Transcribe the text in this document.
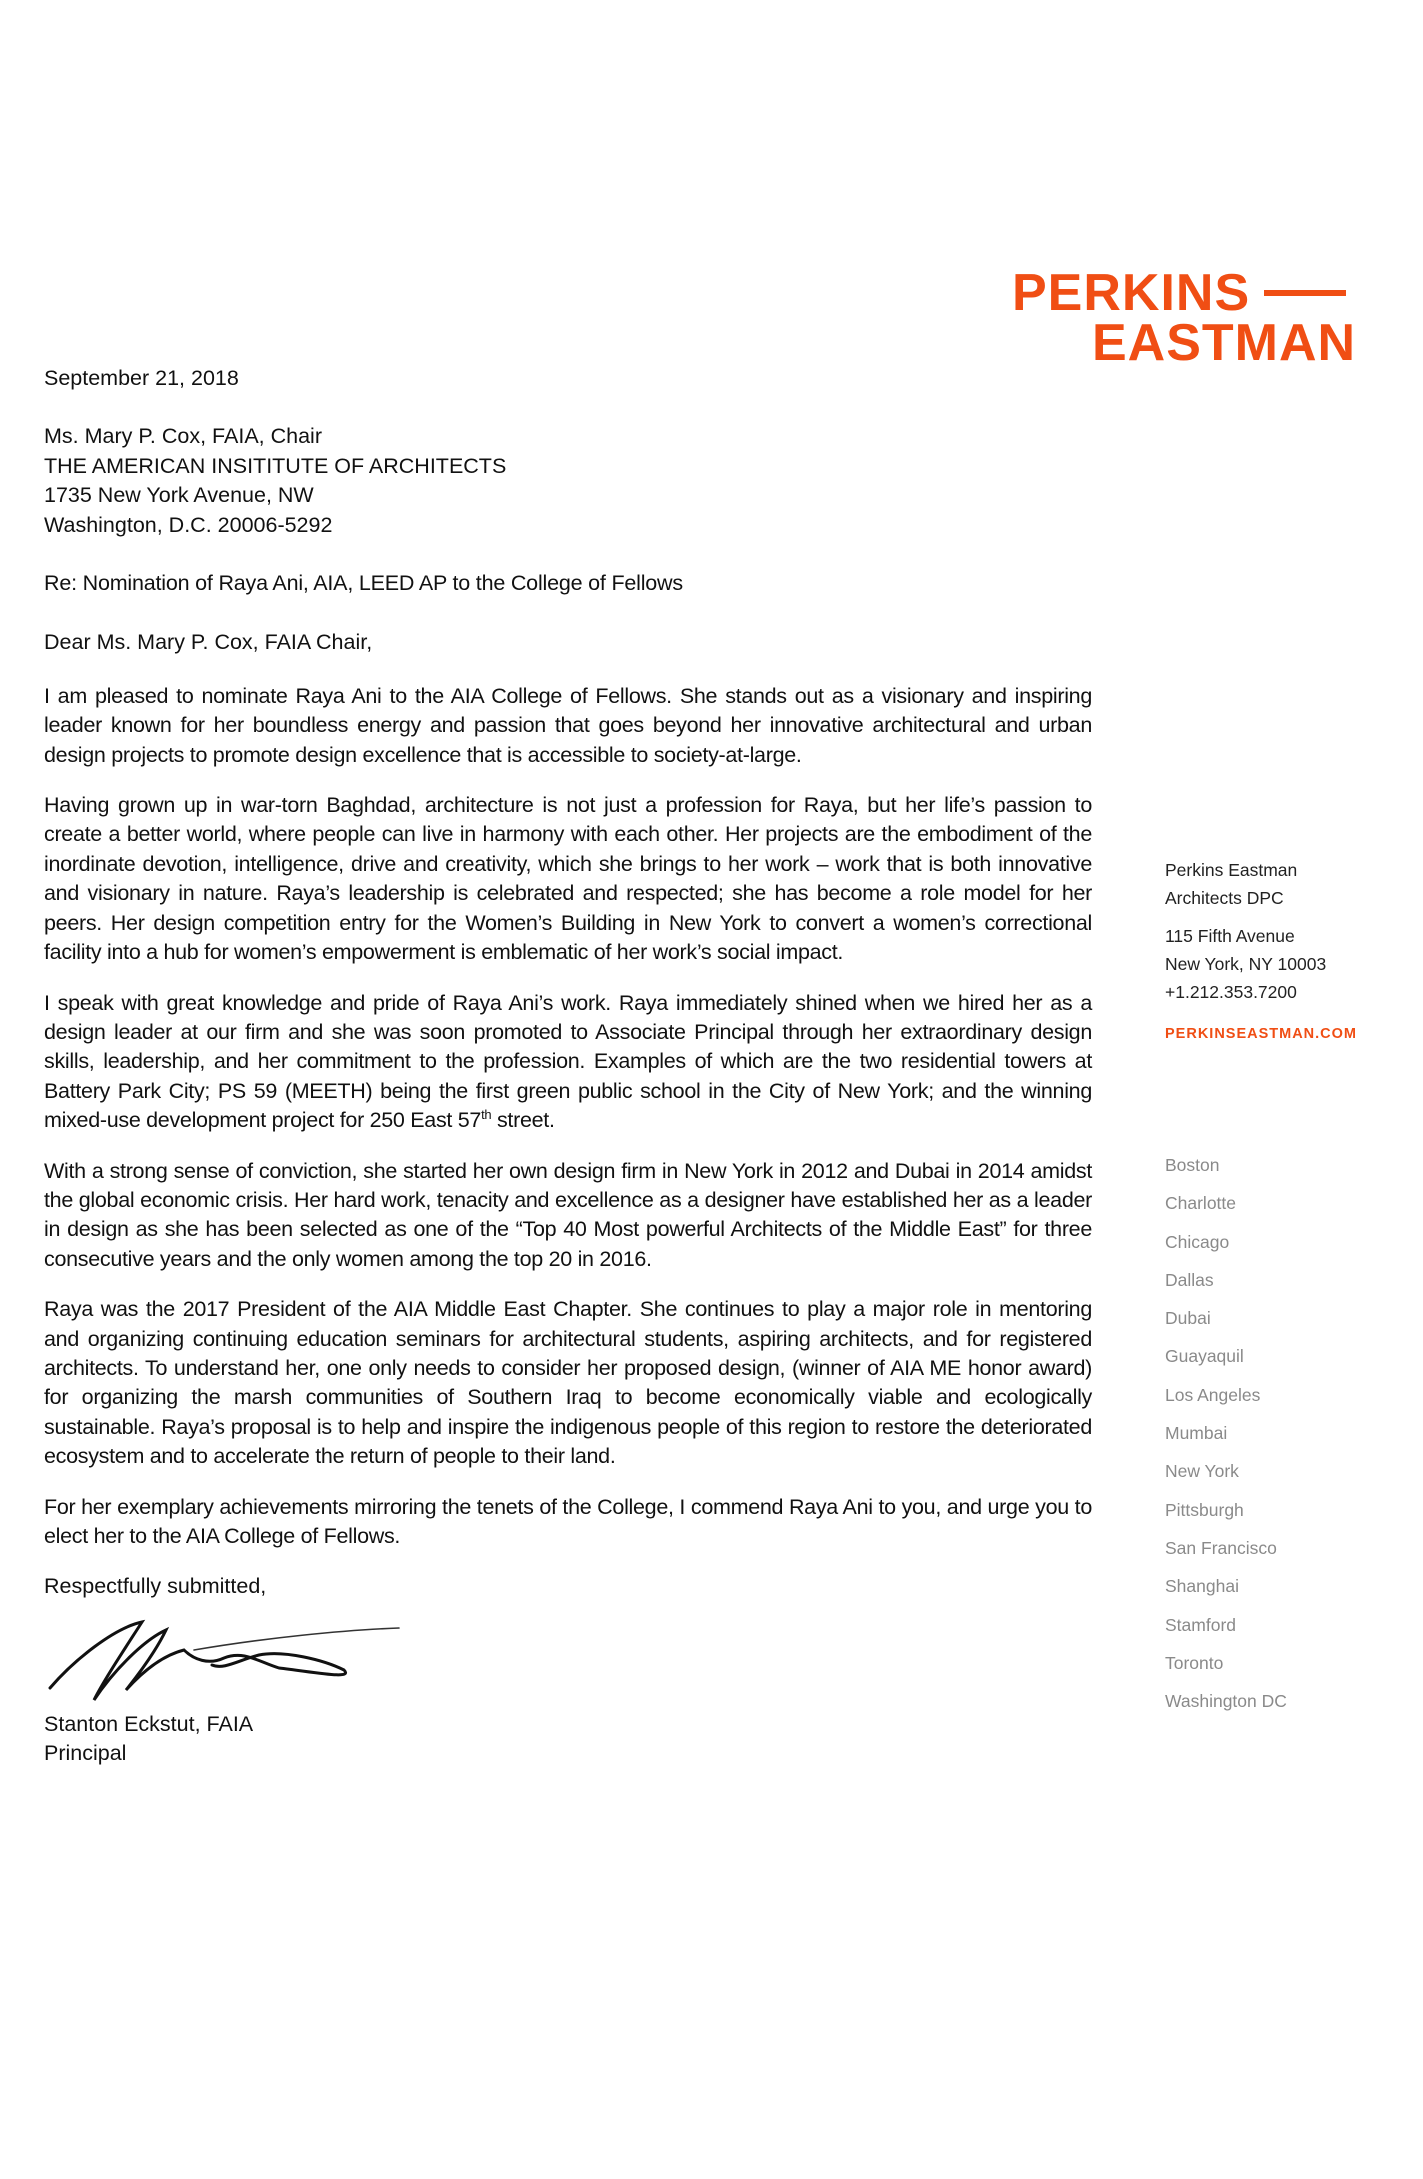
PERKINS
EASTMAN

September 21, 2018

Ms. Mary P. Cox, FAIA, Chair

THE AMERICAN INSITITUTE OF ARCHITECTS

1735 New York Avenue, NW

Washington, D.C. 20006-5292

Re: Nomination of Raya Ani, AIA, LEED AP to the College of Fellows

Dear Ms. Mary P. Cox, FAIA Chair,

I am pleased to nominate Raya Ani to the AIA College of Fellows. She stands out as a visionary and inspiring leader known for her boundless energy and passion that goes beyond her innovative architectural and urban design projects to promote design excellence that is accessible to society-at-large.

Having grown up in war-torn Baghdad, architecture is not just a profession for Raya, but her life’s passion to create a better world, where people can live in harmony with each other. Her projects are the embodiment of the inordinate devotion, intelligence, drive and creativity, which she brings to her work – work that is both innovative and visionary in nature. Raya’s leadership is celebrated and respected; she has become a role model for her peers. Her design competition entry for the Women’s Building in New York to convert a women’s correctional facility into a hub for women’s empowerment is emblematic of her work’s social impact.

I speak with great knowledge and pride of Raya Ani’s work. Raya immediately shined when we hired her as a design leader at our firm and she was soon promoted to Associate Principal through her extraordinary design skills, leadership, and her commitment to the profession. Examples of which are the two residential towers at Battery Park City; PS 59 (MEETH) being the first green public school in the City of New York; and the winning mixed-use development project for 250 East 57th street.

With a strong sense of conviction, she started her own design firm in New York in 2012 and Dubai in 2014 amidst the global economic crisis. Her hard work, tenacity and excellence as a designer have established her as a leader in design as she has been selected as one of the “Top 40 Most powerful Architects of the Middle East” for three consecutive years and the only women among the top 20 in 2016.

Raya was the 2017 President of the AIA Middle East Chapter. She continues to play a major role in mentoring and organizing continuing education seminars for architectural students, aspiring architects, and for registered architects. To understand her, one only needs to consider her proposed design, (winner of AIA ME honor award) for organizing the marsh communities of Southern Iraq to become economically viable and ecologically sustainable. Raya’s proposal is to help and inspire the indigenous people of this region to restore the deteriorated ecosystem and to accelerate the return of people to their land.

For her exemplary achievements mirroring the tenets of the College, I commend Raya Ani to you, and urge you to elect her to the AIA College of Fellows.

Respectfully submitted,

Stanton Eckstut, FAIA

Principal

Perkins Eastman

Architects DPC

115 Fifth Avenue

New York, NY 10003

+1.212.353.7200

PERKINSEASTMAN.COM

Boston
Charlotte
Chicago
Dallas
Dubai
Guayaquil
Los Angeles
Mumbai
New York
Pittsburgh
San Francisco
Shanghai
Stamford
Toronto
Washington DC
